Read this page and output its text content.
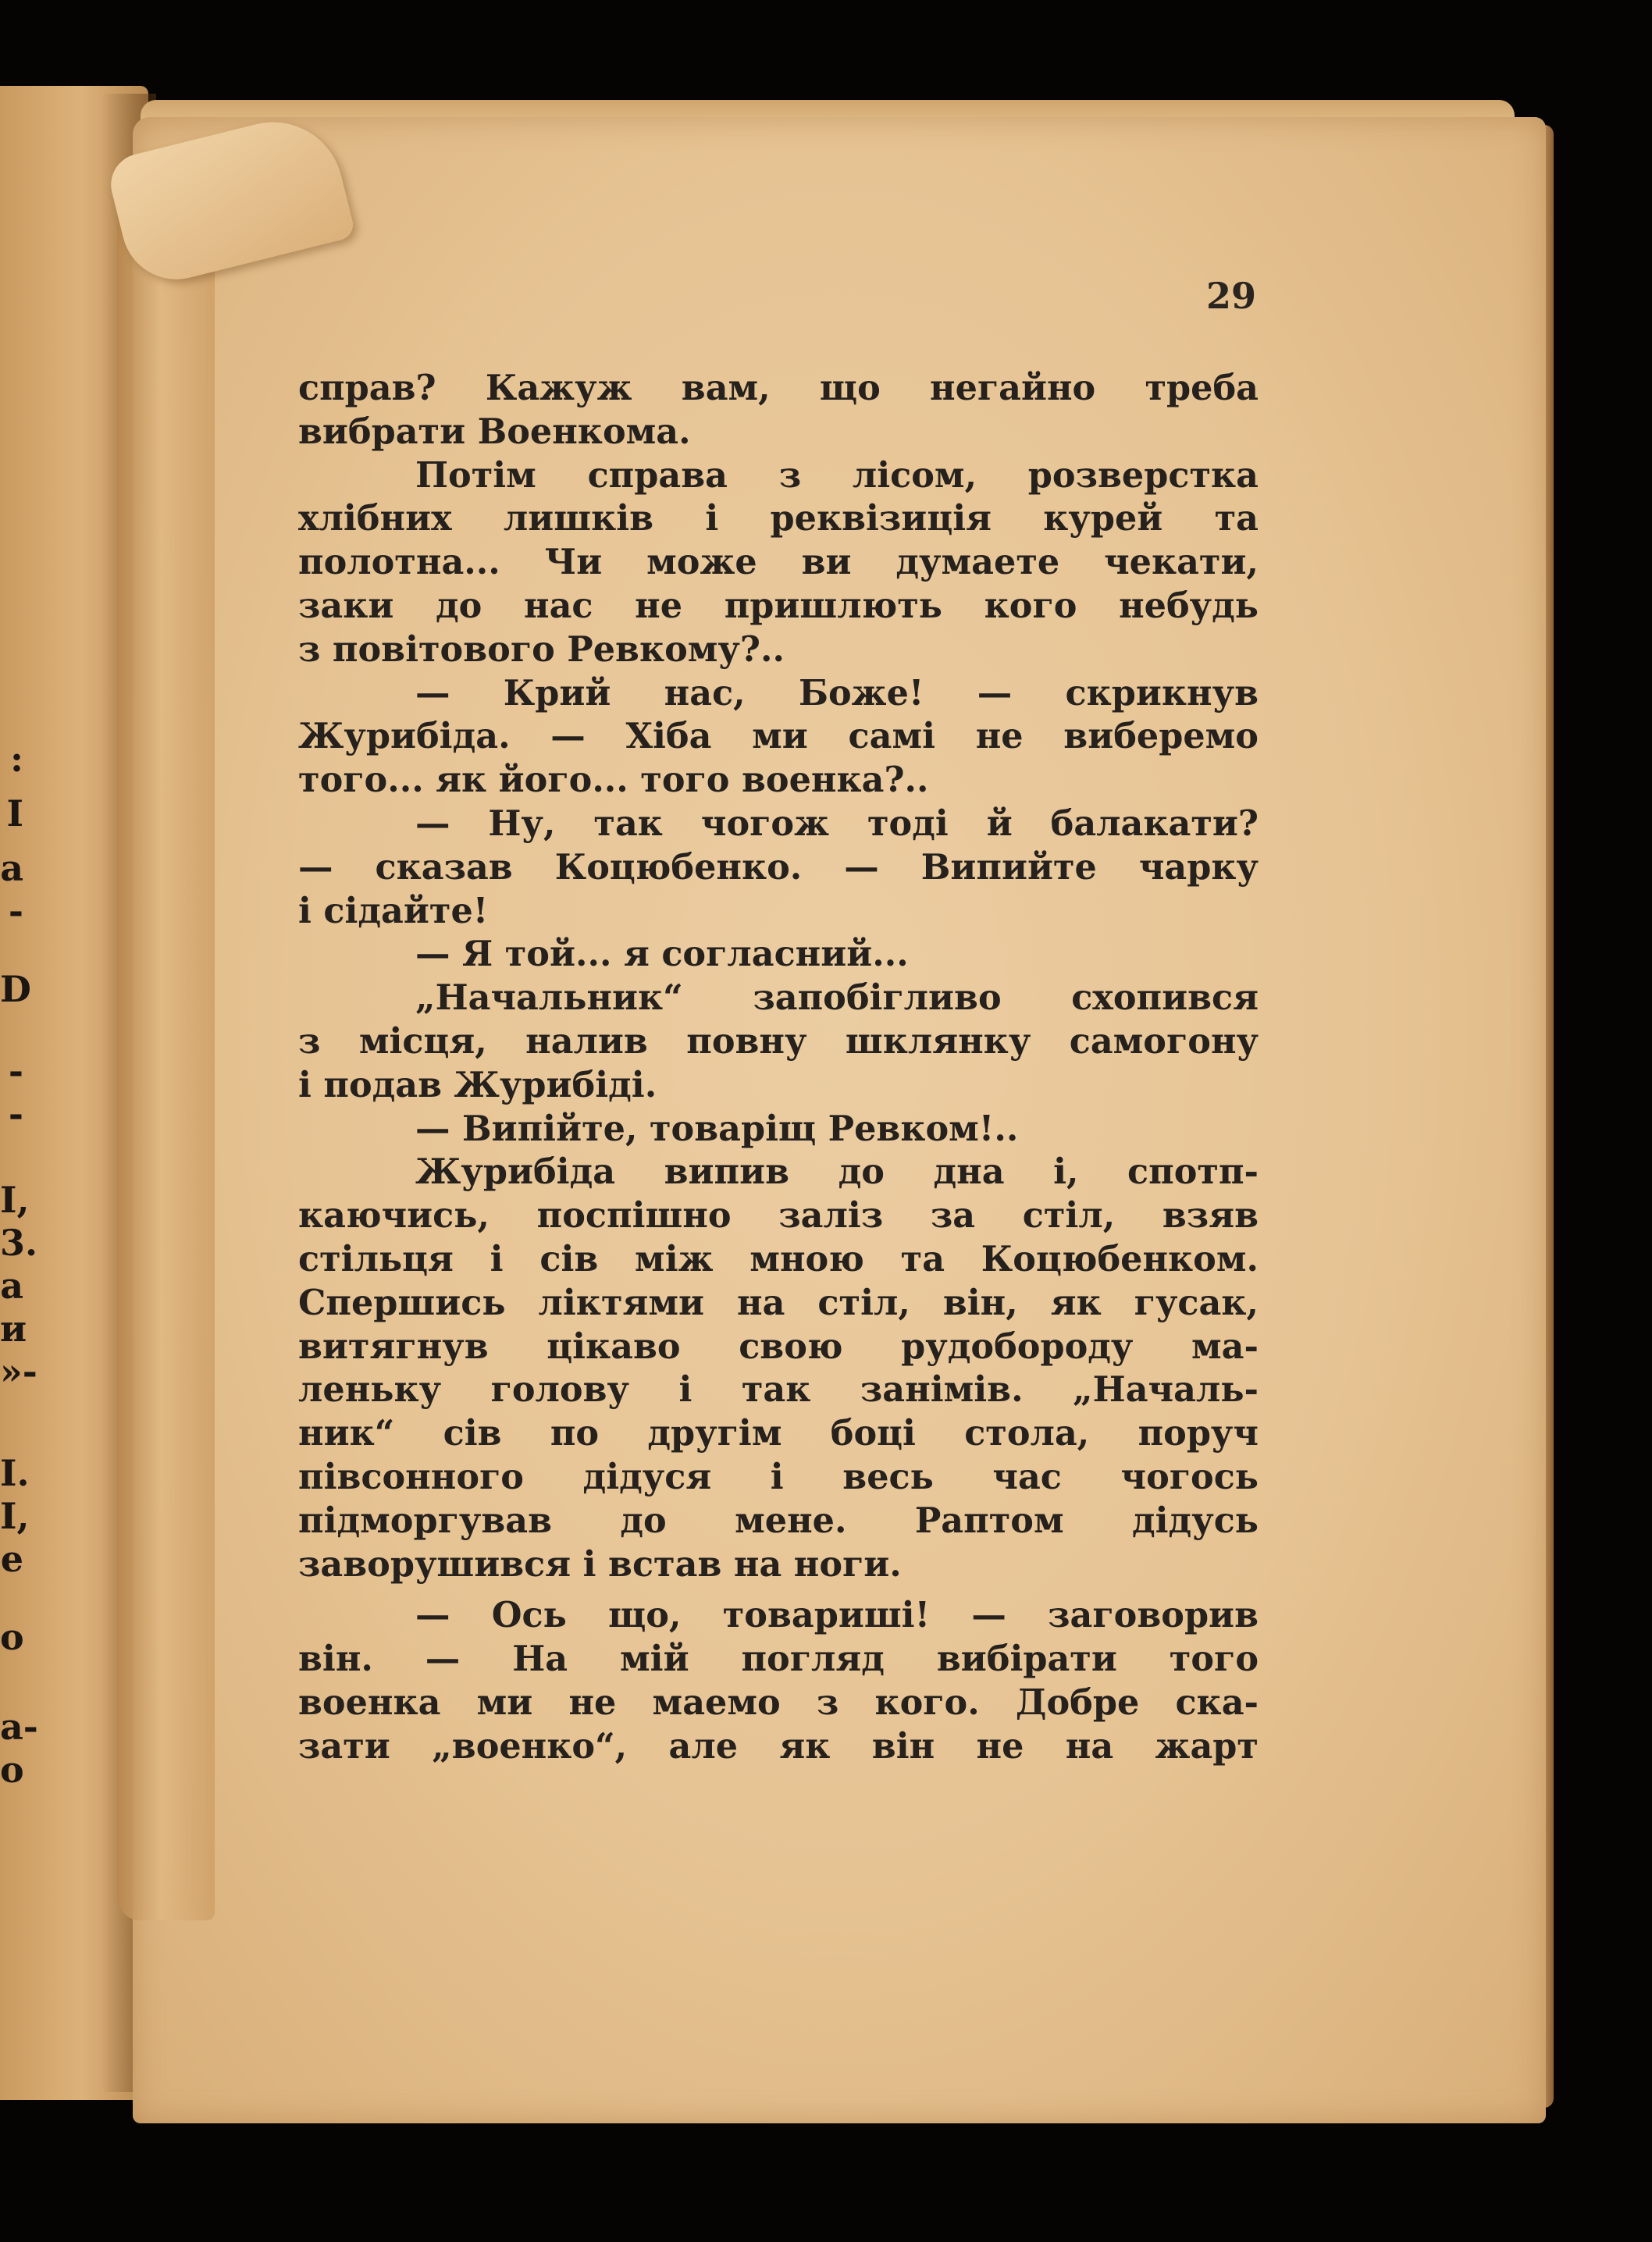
:
I
a
-
D
-
-
I,
3.
a
и
»-
I.
I,
e
o
a-
o
29
справ? Кажуж вам, що негайно треба
вибрати Военкома.
Потім справа з лісом, розверстка
хлібних лишків і реквізиція курей та
полотна... Чи може ви думаете чекати,
заки до нас не пришлють кого небудь
з повітового Ревкому?..
— Крий нас, Боже! — скрикнув
Журибіда. — Хіба ми самі не виберемо
того... як його... того военка?..
— Ну, так чогож тоді й балакати?
— сказав Коцюбенко. — Випийте чарку
і сідайте!
— Я той... я согласний...
„Начальник“ запобігливо схопився
з місця, налив повну шклянку самогону
і подав Журибіді.
— Випійте, товаріщ Ревком!..
Журибіда випив до дна і, спотп-
каючись, поспішно заліз за стіл, взяв
стільця і сів між мною та Коцюбенком.
Спершись ліктями на стіл, він, як гусак,
витягнув цікаво свою рудобороду ма-
леньку голову і так занімів. „Началь-
ник“ сів по другім боці стола, поруч
півсонного дідуся і весь час чогось
підморгував до мене. Раптом дідусь
заворушився і встав на ноги.
— Ось що, товариші! — заговорив
він. — На мій погляд вибірати того
военка ми не маемо з кого. Добре ска-
зати „военко“, але як він не на жарт
